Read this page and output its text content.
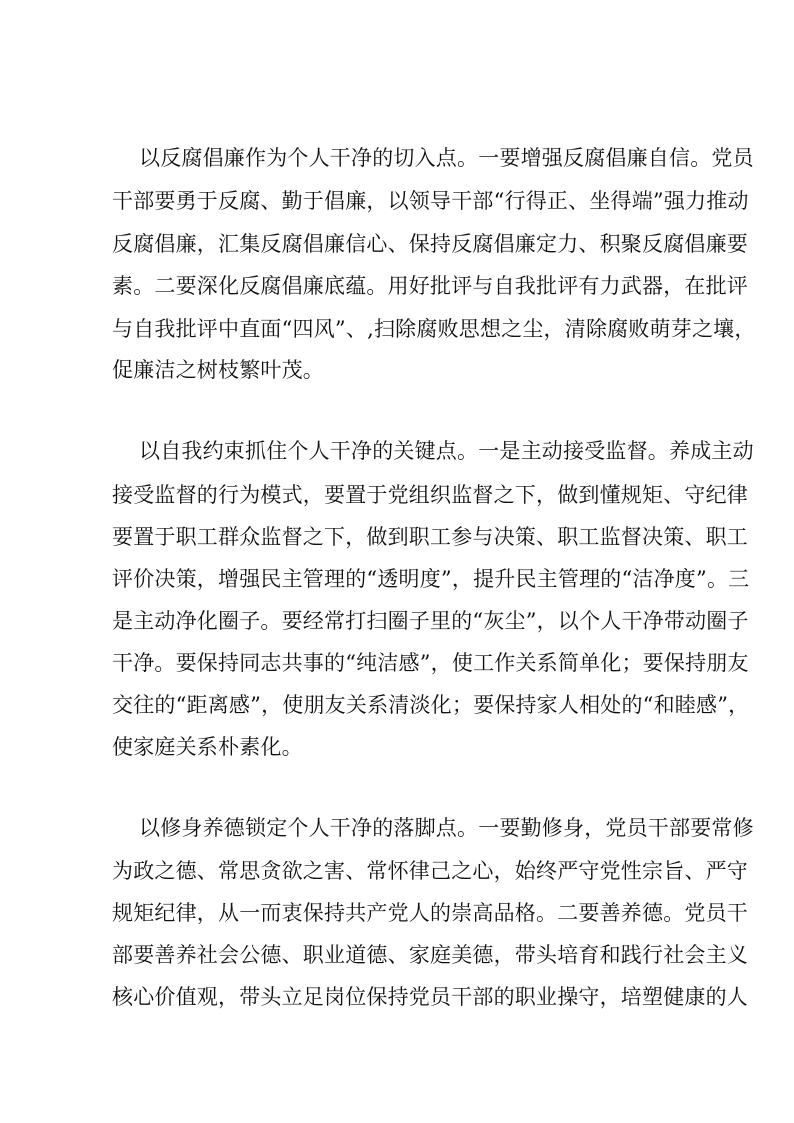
以反腐倡廉作为个人干净的切入点。一要增强反腐倡廉自信。党员
干部要勇于反腐、勤于倡廉，以领导干部“行得正、坐得端”强力推动
反腐倡廉，汇集反腐倡廉信心、保持反腐倡廉定力、积聚反腐倡廉要
素。二要深化反腐倡廉底蕴。用好批评与自我批评有力武器，在批评
与自我批评中直面“四风”、,扫除腐败思想之尘，清除腐败萌芽之壤，
促廉洁之树枝繁叶茂。
以自我约束抓住个人干净的关键点。一是主动接受监督。养成主动
接受监督的行为模式，要置于党组织监督之下，做到懂规矩、守纪律
要置于职工群众监督之下，做到职工参与决策、职工监督决策、职工
评价决策，增强民主管理的“透明度”，提升民主管理的“洁净度”。三
是主动净化圈子。要经常打扫圈子里的“灰尘”，以个人干净带动圈子
干净。要保持同志共事的“纯洁感”，使工作关系简单化；要保持朋友
交往的“距离感”，使朋友关系清淡化；要保持家人相处的“和睦感”，
使家庭关系朴素化。
以修身养德锁定个人干净的落脚点。一要勤修身，党员干部要常修
为政之德、常思贪欲之害、常怀律己之心，始终严守党性宗旨、严守
规矩纪律，从一而衷保持共产党人的崇高品格。二要善养德。党员干
部要善养社会公德、职业道德、家庭美德，带头培育和践行社会主义
核心价值观，带头立足岗位保持党员干部的职业操守，培塑健康的人
